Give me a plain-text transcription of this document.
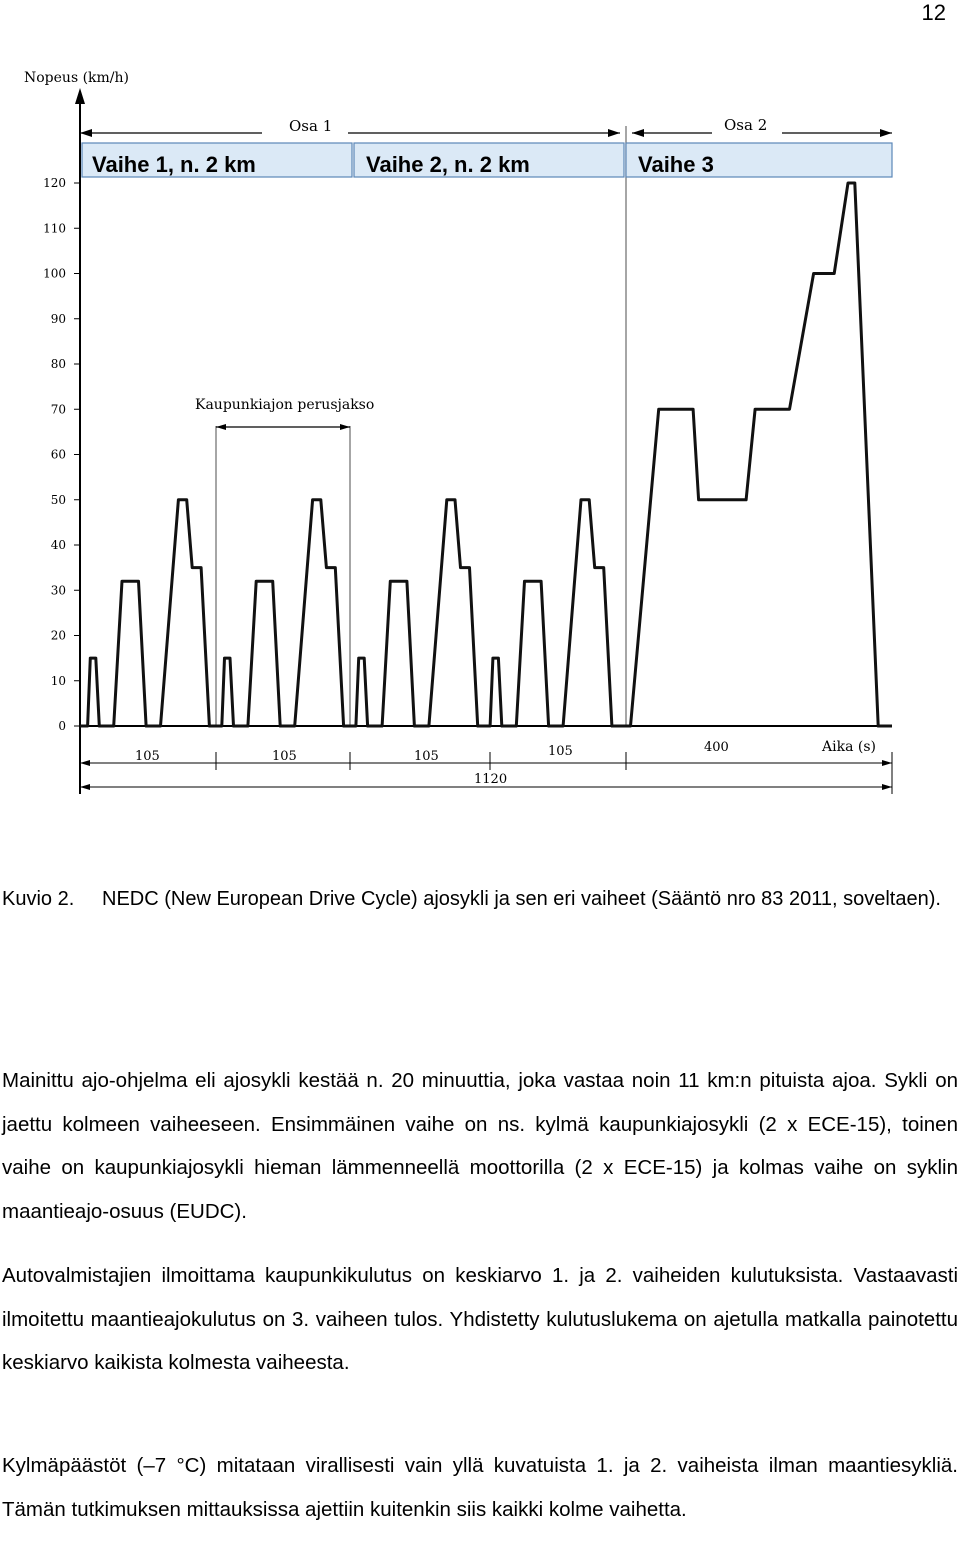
12
Nopeus (km/h)
Aika (s)
0
10
20
30
40
50
60
70
80
90
100
110
120
Osa 1	Osa 2
Vaihe 1, n. 2 km	Vaihe 2, n. 2 km	Vaihe 3
Kaupunkiajon perusjakso
105	105	105	105	400
1120
Kuvio 2. NEDC (New European Drive Cycle) ajosykli ja sen eri vaiheet (Sääntö nro 83 2011, soveltaen).

Mainittu ajo-ohjelma eli ajosykli kestää n. 20 minuuttia, joka vastaa noin 11 km:n pituista ajoa. Sykli on jaettu kolmeen vaiheeseen. Ensimmäinen vaihe on ns. kylmä kaupunkiajosykli (2 x ECE-15), toinen vaihe on kaupunkiajosykli hieman lämmenneellä moottorilla (2 x ECE-15) ja kolmas vaihe on syklin maantieajo-osuus (EUDC).

Autovalmistajien ilmoittama kaupunkikulutus on keskiarvo 1. ja 2. vaiheiden kulutuksista. Vastaavasti ilmoitettu maantieajokulutus on 3. vaiheen tulos. Yhdistetty kulutuslukema on ajetulla matkalla painotettu keskiarvo kaikista kolmesta vaiheesta.

Kylmäpäästöt (–7 °C) mitataan virallisesti vain yllä kuvatuista 1. ja 2. vaiheista ilman maantiesykliä. Tämän tutkimuksen mittauksissa ajettiin kuitenkin siis kaikki kolme vaihetta.
